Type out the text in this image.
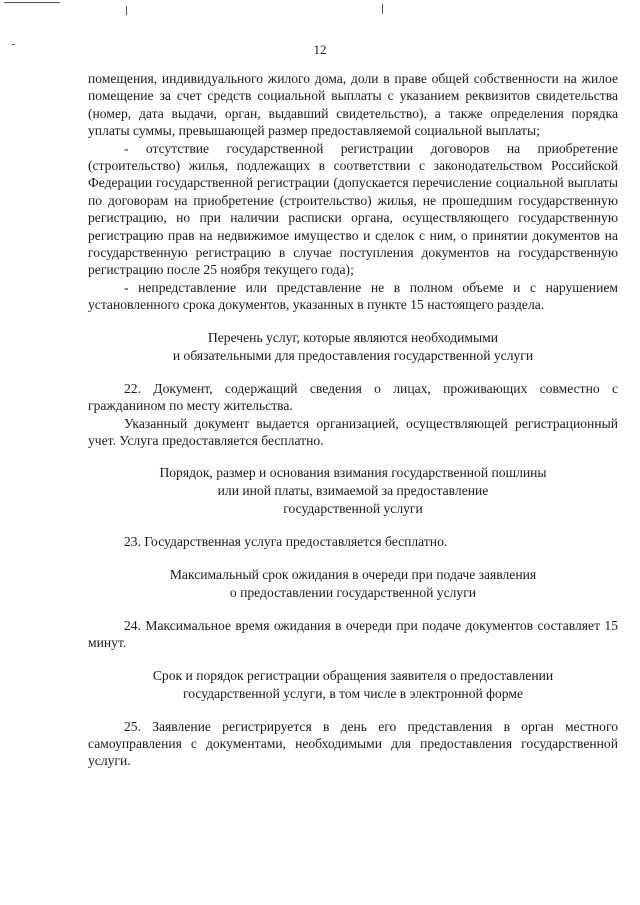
12

помещения, индивидуального жилого дома, доли в праве общей собственности на жилое помещение за счет средств социальной выплаты с указанием реквизитов свидетельства (номер, дата выдачи, орган, выдавший свидетельство), а также определения порядка уплаты суммы, превышающей размер предоставляемой социальной выплаты;

- отсутствие государственной регистрации договоров на приобретение (строительство) жилья, подлежащих в соответствии с законодательством Российской Федерации государственной регистрации (допускается перечисление социальной выплаты по договорам на приобретение (строительство) жилья, не прошедшим государственную регистрацию, но при наличии расписки органа, осуществляющего государственную регистрацию прав на недвижимое имущество и сделок с ним, о принятии документов на государственную регистрацию в случае поступления документов на государственную регистрацию после 25 ноября текущего года);

- непредставление или представление не в полном объеме и с нарушением установленного срока документов, указанных в пункте 15 настоящего раздела.

Перечень услуг, которые являются необходимыми
и обязательными для предоставления государственной услуги

22. Документ, содержащий сведения о лицах, проживающих совместно с гражданином по месту жительства.

Указанный документ выдается организацией, осуществляющей регистрационный учет. Услуга предоставляется бесплатно.

Порядок, размер и основания взимания государственной пошлины
или иной платы, взимаемой за предоставление
государственной услуги

23. Государственная услуга предоставляется бесплатно.

Максимальный срок ожидания в очереди при подаче заявления
о предоставлении государственной услуги

24. Максимальное время ожидания в очереди при подаче документов составляет 15 минут.

Срок и порядок регистрации обращения заявителя о предоставлении
государственной услуги, в том числе в электронной форме

25. Заявление регистрируется в день его представления в орган местного самоуправления с документами, необходимыми для предоставления государственной услуги.
